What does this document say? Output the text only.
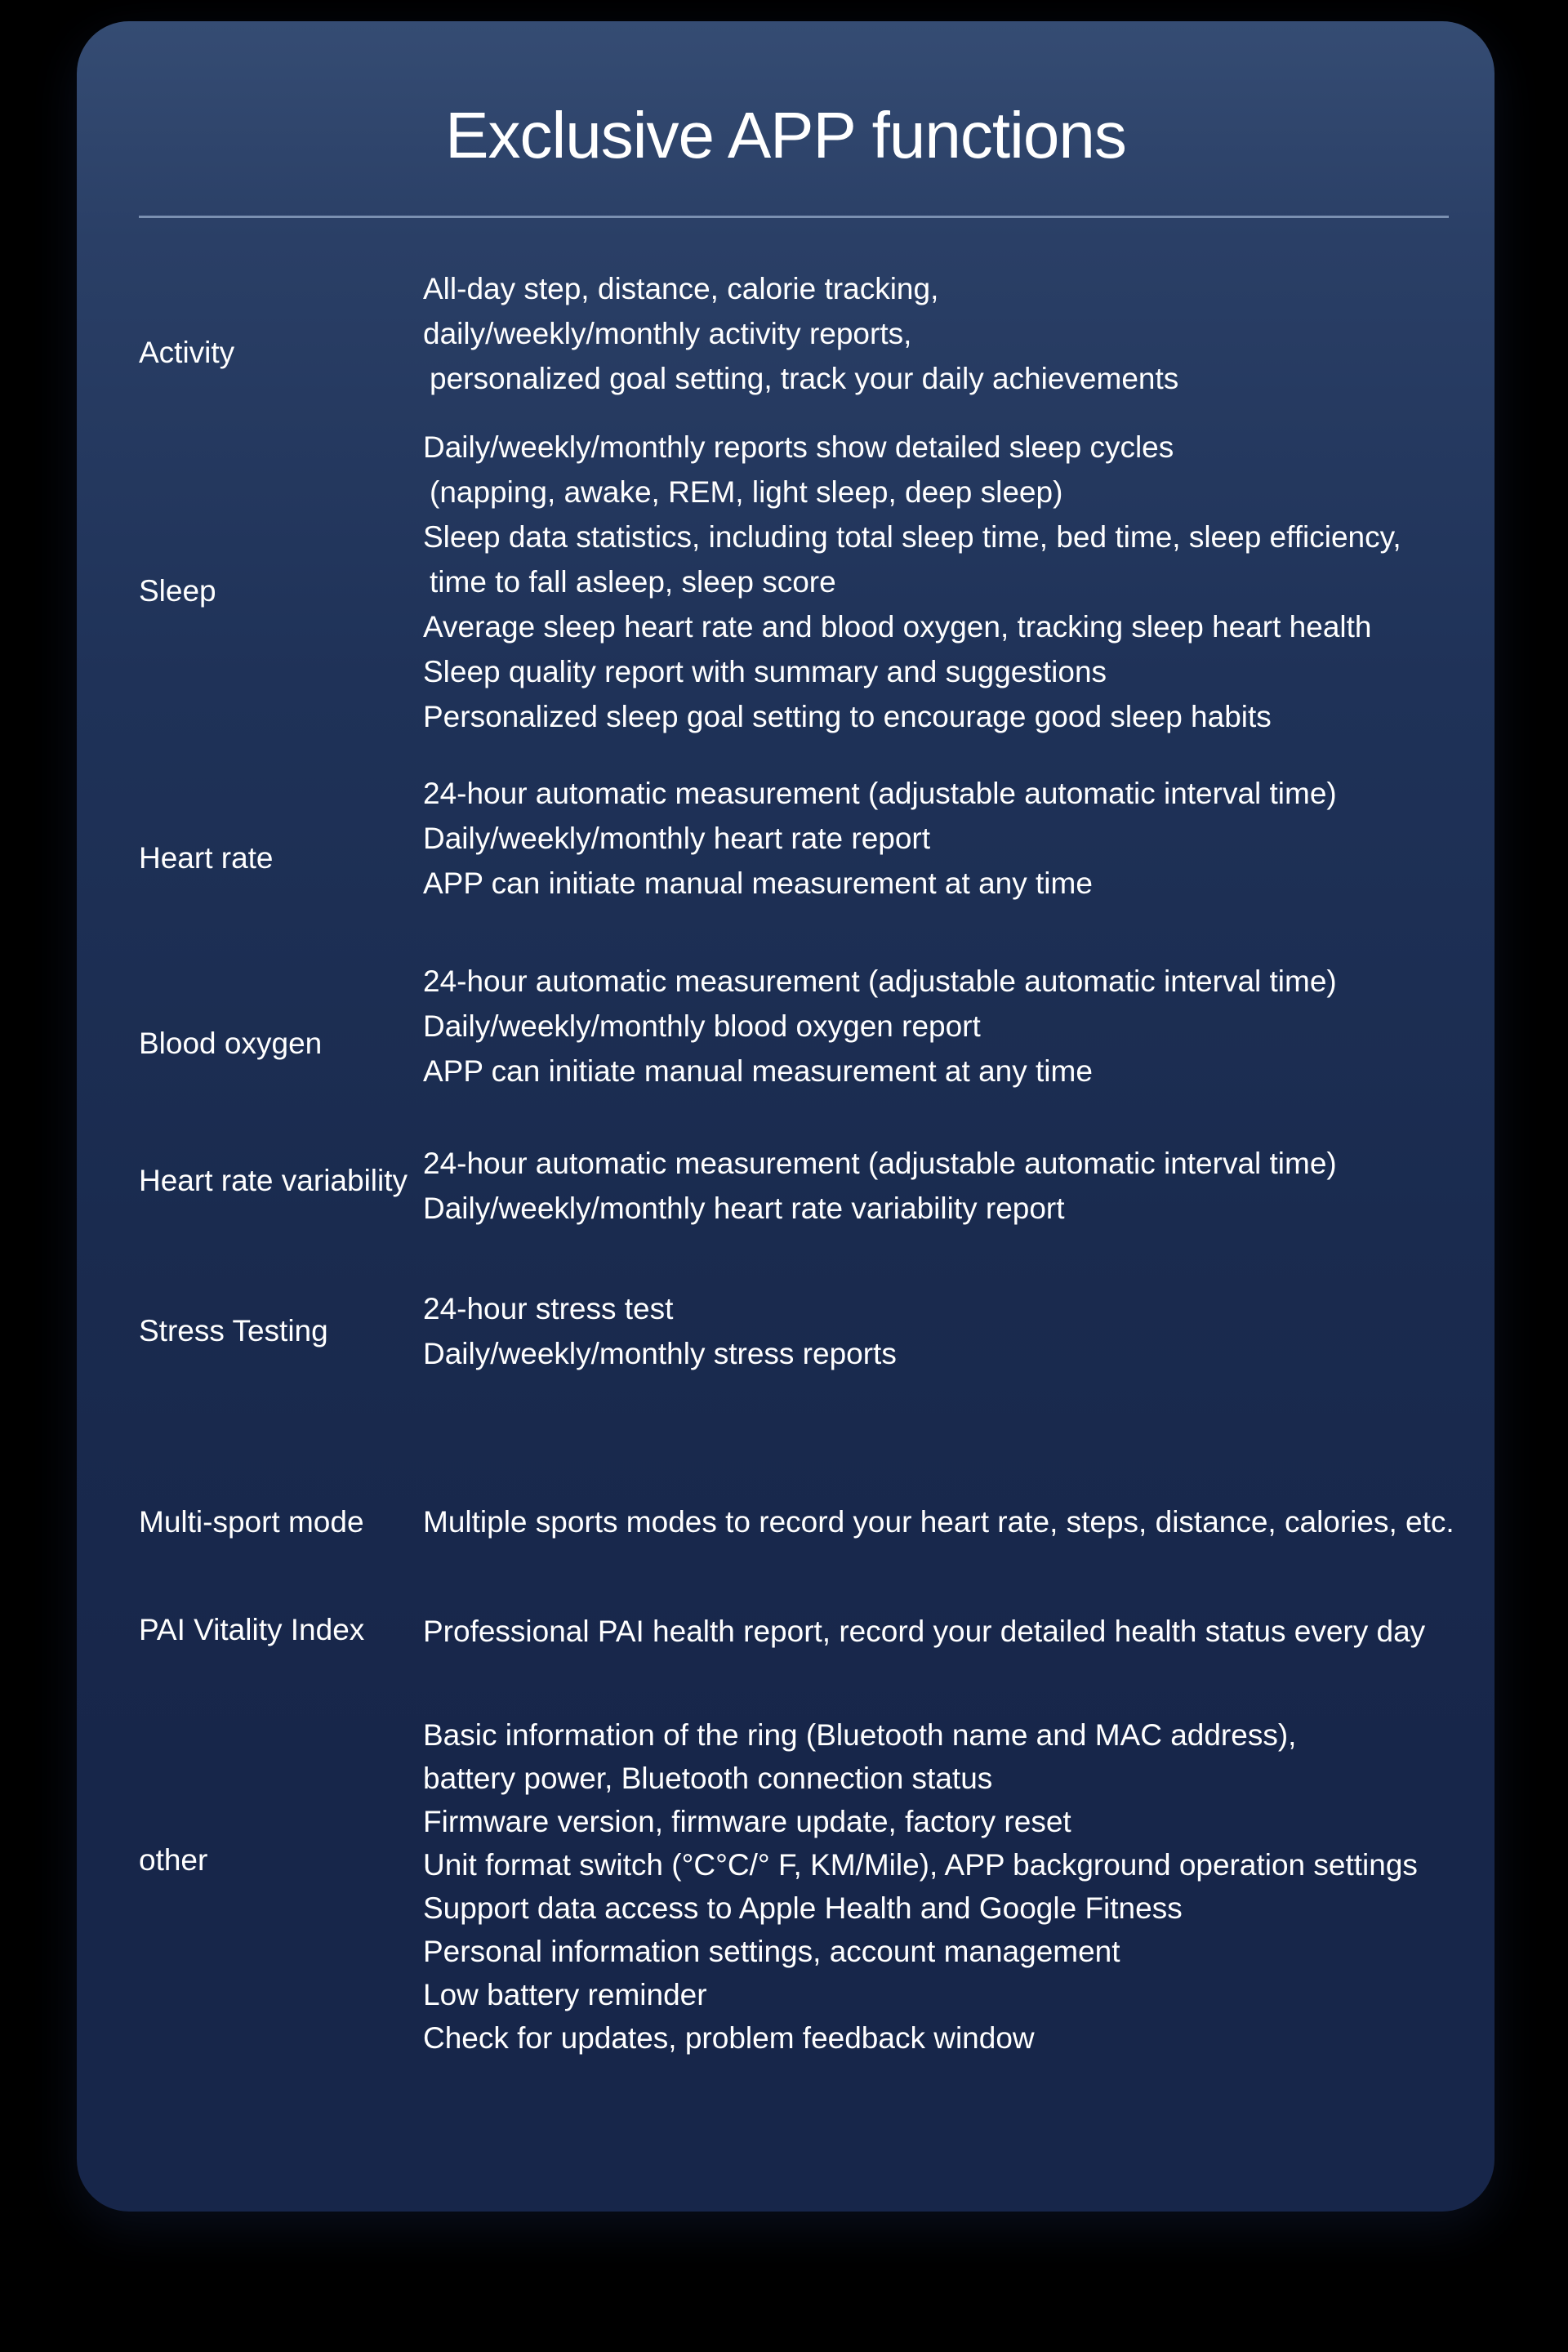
Exclusive APP functions
Activity
All-day step, distance, calorie tracking,
daily/weekly/monthly activity reports,
personalized goal setting, track your daily achievements
Sleep
Daily/weekly/monthly reports show detailed sleep cycles
(napping, awake, REM, light sleep, deep sleep)
Sleep data statistics, including total sleep time, bed time, sleep efficiency,
time to fall asleep, sleep score
Average sleep heart rate and blood oxygen, tracking sleep heart health
Sleep quality report with summary and suggestions
Personalized sleep goal setting to encourage good sleep habits
Heart rate
24-hour automatic measurement (adjustable automatic interval time)
Daily/weekly/monthly heart rate report
APP can initiate manual measurement at any time
Blood oxygen
24-hour automatic measurement (adjustable automatic interval time)
Daily/weekly/monthly blood oxygen report
APP can initiate manual measurement at any time
Heart rate variability
24-hour automatic measurement (adjustable automatic interval time)
Daily/weekly/monthly heart rate variability report
Stress Testing
24-hour stress test
Daily/weekly/monthly stress reports
Multi-sport mode Multiple sports modes to record your heart rate, steps, distance, calories, etc.
PAI Vitality Index Professional PAI health report, record your detailed health status every day
other
Basic information of the ring (Bluetooth name and MAC address),
battery power, Bluetooth connection status
Firmware version, firmware update, factory reset
Unit format switch (°C°C/° F, KM/Mile), APP background operation settings
Support data access to Apple Health and Google Fitness
Personal information settings, account management
Low battery reminder
Check for updates, problem feedback window
